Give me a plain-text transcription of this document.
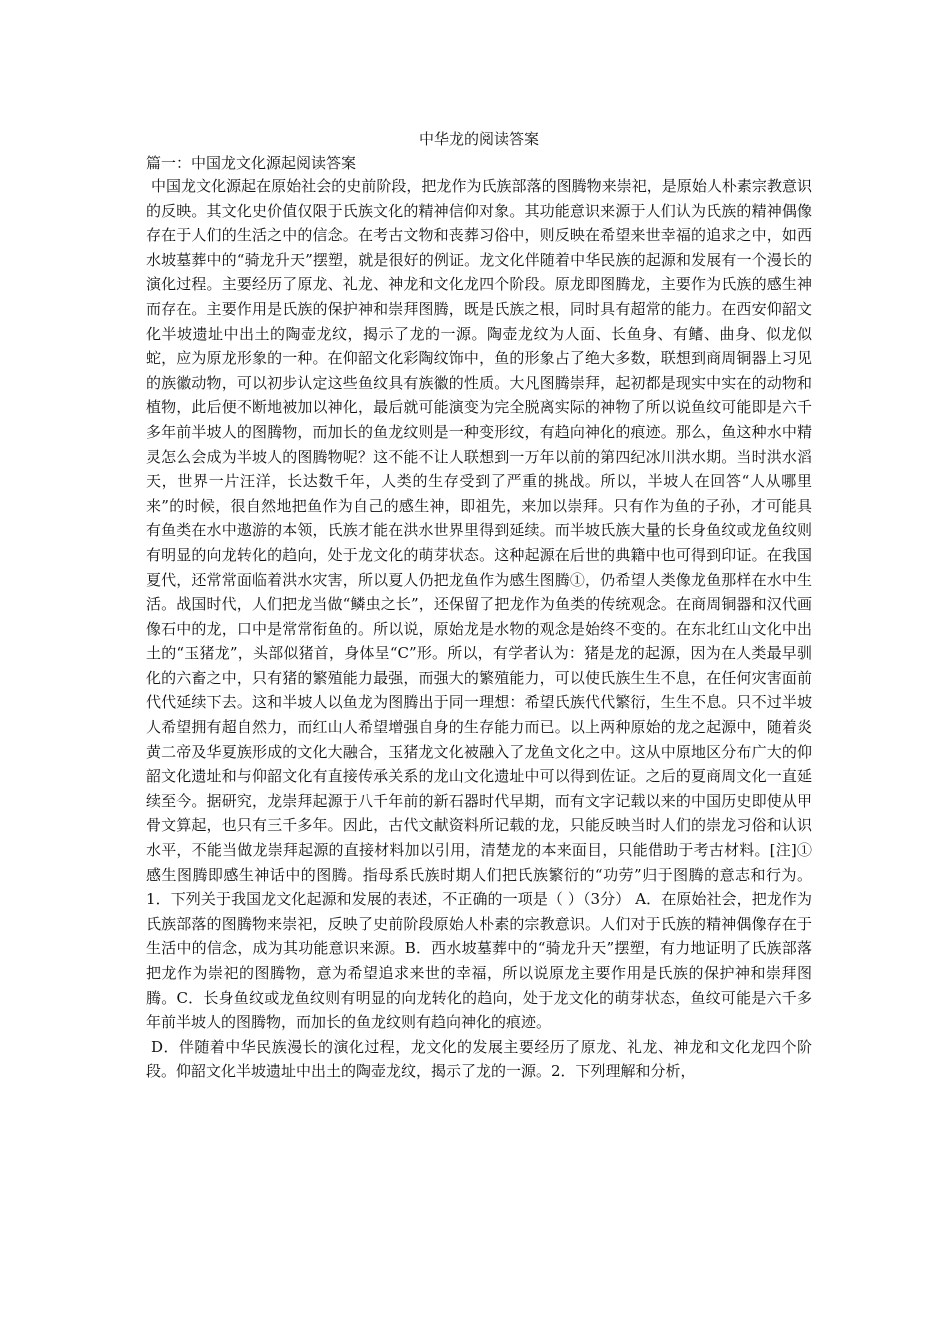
中华龙的阅读答案
篇一：中国龙文化源起阅读答案

中国龙文化源起在原始社会的史前阶段，把龙作为氏族部落的图腾物来崇祀，是原始人朴素宗教意识的反映。其文化史价值仅限于氏族文化的精神信仰对象。其功能意识来源于人们认为氏族的精神偶像存在于人们的生活之中的信念。在考古文物和丧葬习俗中，则反映在希望来世幸福的追求之中，如西水坡墓葬中的“骑龙升天”摆塑，就是很好的例证。龙文化伴随着中华民族的起源和发展有一个漫长的演化过程。主要经历了原龙、礼龙、神龙和文化龙四个阶段。原龙即图腾龙，主要作为氏族的感生神而存在。主要作用是氏族的保护神和崇拜图腾，既是氏族之根，同时具有超常的能力。在西安仰韶文化半坡遗址中出土的陶壶龙纹，揭示了龙的一源。陶壶龙纹为人面、长鱼身、有鳍、曲身、似龙似蛇，应为原龙形象的一种。在仰韶文化彩陶纹饰中，鱼的形象占了绝大多数，联想到商周铜器上习见的族徽动物，可以初步认定这些鱼纹具有族徽的性质。大凡图腾崇拜，起初都是现实中实在的动物和植物，此后便不断地被加以神化，最后就可能演变为完全脱离实际的神物了所以说鱼纹可能即是六千多年前半坡人的图腾物，而加长的鱼龙纹则是一种变形纹，有趋向神化的痕迹。那么，鱼这种水中精灵怎么会成为半坡人的图腾物呢？这不能不让人联想到一万年以前的第四纪冰川洪水期。当时洪水滔天，世界一片汪洋，长达数千年，人类的生存受到了严重的挑战。所以，半坡人在回答“人从哪里来”的时候，很自然地把鱼作为自己的感生神，即祖先，来加以崇拜。只有作为鱼的子孙，才可能具有鱼类在水中遨游的本领，氏族才能在洪水世界里得到延续。而半坡氏族大量的长身鱼纹或龙鱼纹则有明显的向龙转化的趋向，处于龙文化的萌芽状态。这种起源在后世的典籍中也可得到印证。在我国夏代，还常常面临着洪水灾害，所以夏人仍把龙鱼作为感生图腾①，仍希望人类像龙鱼那样在水中生活。战国时代，人们把龙当做“鳞虫之长”，还保留了把龙作为鱼类的传统观念。在商周铜器和汉代画像石中的龙，口中是常常衔鱼的。所以说，原始龙是水物的观念是始终不变的。在东北红山文化中出土的“玉猪龙”，头部似猪首，身体呈“C”形。所以，有学者认为：猪是龙的起源，因为在人类最早驯化的六畜之中，只有猪的繁殖能力最强，而强大的繁殖能力，可以使氏族生生不息，在任何灾害面前代代延续下去。这和半坡人以鱼龙为图腾出于同一理想：希望氏族代代繁衍，生生不息。只不过半坡人希望拥有超自然力，而红山人希望增强自身的生存能力而已。以上两种原始的龙之起源中，随着炎黄二帝及华夏族形成的文化大融合，玉猪龙文化被融入了龙鱼文化之中。这从中原地区分布广大的仰韶文化遗址和与仰韶文化有直接传承关系的龙山文化遗址中可以得到佐证。之后的夏商周文化一直延续至今。据研究，龙崇拜起源于八千年前的新石器时代早期，而有文字记载以来的中国历史即使从甲骨文算起，也只有三千多年。因此，古代文献资料所记载的龙，只能反映当时人们的崇龙习俗和认识水平，不能当做龙崇拜起源的直接材料加以引用，清楚龙的本来面目，只能借助于考古材料。[注]① 感生图腾即感生神话中的图腾。指母系氏族时期人们把氏族繁衍的“功劳”归于图腾的意志和行为。1．下列关于我国龙文化起源和发展的表述，不正确的一项是（ ）（3分） A．在原始社会，把龙作为氏族部落的图腾物来崇祀，反映了史前阶段原始人朴素的宗教意识。人们对于氏族的精神偶像存在于生活中的信念，成为其功能意识来源。B．西水坡墓葬中的“骑龙升天”摆塑，有力地证明了氏族部落把龙作为崇祀的图腾物，意为希望追求来世的幸福，所以说原龙主要作用是氏族的保护神和崇拜图腾。C．长身鱼纹或龙鱼纹则有明显的向龙转化的趋向，处于龙文化的萌芽状态，鱼纹可能是六千多年前半坡人的图腾物，而加长的鱼龙纹则有趋向神化的痕迹。

D．伴随着中华民族漫长的演化过程，龙文化的发展主要经历了原龙、礼龙、神龙和文化龙四个阶段。仰韶文化半坡遗址中出土的陶壶龙纹，揭示了龙的一源。2．下列理解和分析，
